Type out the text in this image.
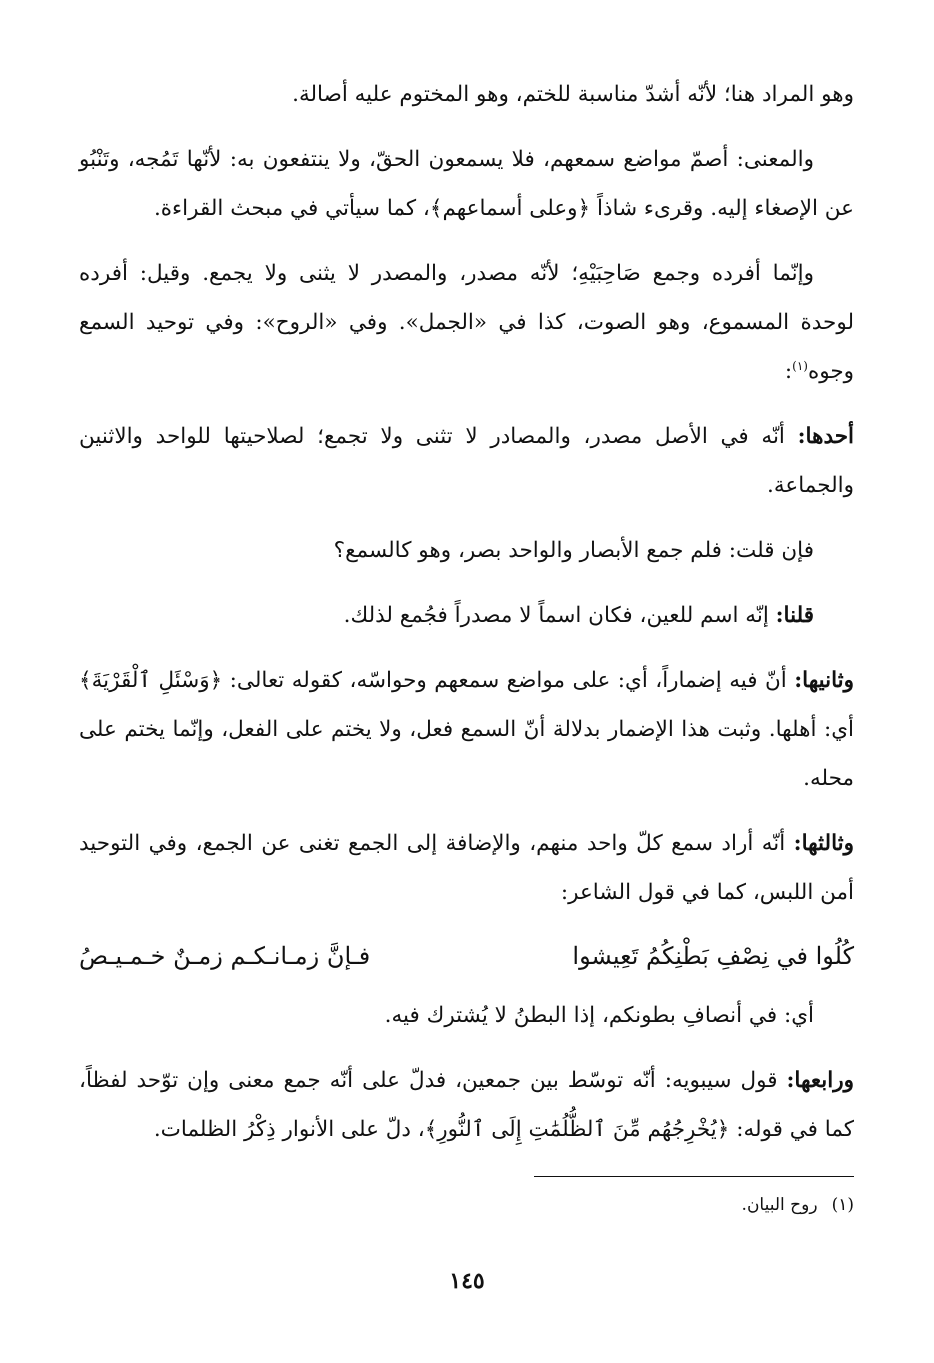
وهو المراد هنا؛ لأنّه أشدّ مناسبة للختم، وهو المختوم عليه أصالة.

والمعنى: أصمّ مواضع سمعهم، فلا يسمعون الحقّ، ولا ينتفعون به: لأنّها تَمُجه، وتَنْبُو عن الإصغاء إليه. وقرىء شاذاً ﴿وعلى أسماعهم﴾، كما سيأتي في مبحث القراءة.

وإنّما أفرده وجمع صَاحِبَيْهِ؛ لأنّه مصدر، والمصدر لا يثنى ولا يجمع. وقيل: أفرده لوحدة المسموع، وهو الصوت، كذا في «الجمل». وفي «الروح»: وفي توحيد السمع وجوه$^{(١)}$:

أحدها: أنّه في الأصل مصدر، والمصادر لا تثنى ولا تجمع؛ لصلاحيتها للواحد والاثنين والجماعة.

فإن قلت: فلم جمع الأبصار والواحد بصر، وهو كالسمع؟

قلنا: إنّه اسم للعين، فكان اسماً لا مصدراً فجُمع لذلك.

وثانيها: أنّ فيه إضماراً، أي: على مواضع سمعهم وحواسّه، كقوله تعالى: ﴿وَسْئَلِ ٱلْقَرْيَةَ﴾ أي: أهلها. وثبت هذا الإضمار بدلالة أنّ السمع فعل، ولا يختم على الفعل، وإنّما يختم على محله.

وثالثها: أنّه أراد سمع كلّ واحد منهم، والإضافة إلى الجمع تغنى عن الجمع، وفي التوحيد أمن اللبس، كما في قول الشاعر:

كُلُوا في نِصْفِ بَطْنِكُمُ تَعِيشوا
فـإنَّ زمـانـكـم زمـنٌ خـمـيـصُ

أي: في أنصافِ بطونكم، إذا البطنُ لا يُشترك فيه.

ورابعها: قول سيبويه: أنّه توسّط بين جمعين، فدلّ على أنّه جمع معنى وإن توّحد لفظاً، كما في قوله: ﴿يُخْرِجُهُم مِّنَ ٱلظُّلُمَٰتِ إِلَى ٱلنُّورِ﴾، دلّ على الأنوار ذِكْرُ الظلمات.

(١)روح البيان.
١٤٥
